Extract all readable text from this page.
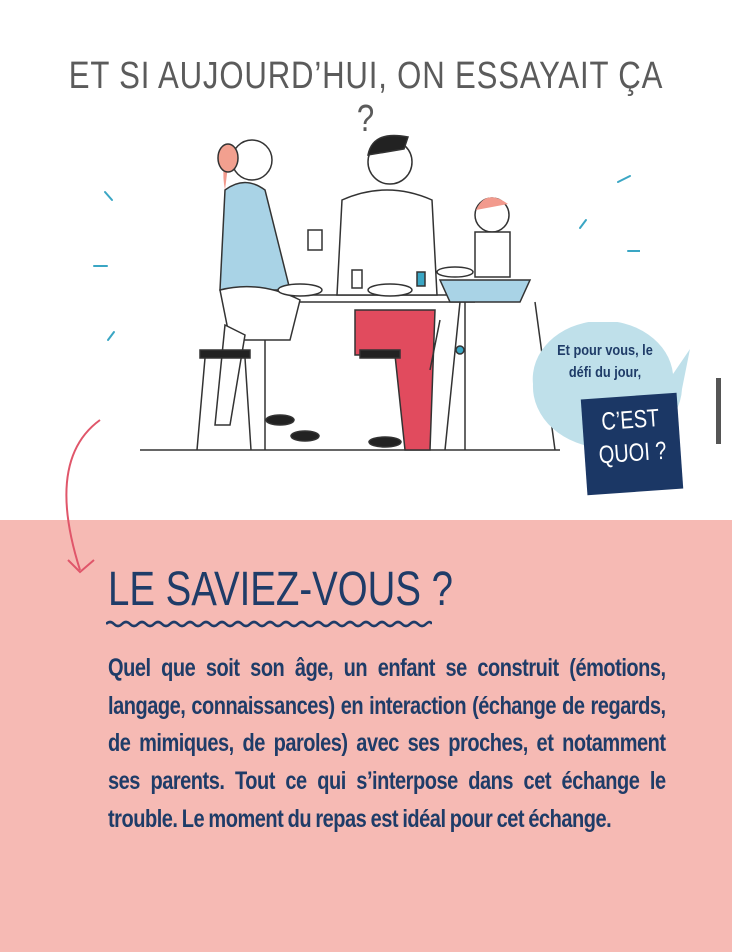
ET SI AUJOURD’HUI, ON ESSAYAIT ÇA ?
Et pour vous, le défi du jour,
C’EST
QUOI ?
LE SAVIEZ-VOUS ?

Quel que soit son âge, un enfant se construit (émotions, langage, connaissances) en interaction (échange de regards, de mimiques, de paroles) avec ses proches, et notamment ses parents. Tout ce qui s’interpose dans cet échange le trouble. Le moment du repas est idéal pour cet échange.
